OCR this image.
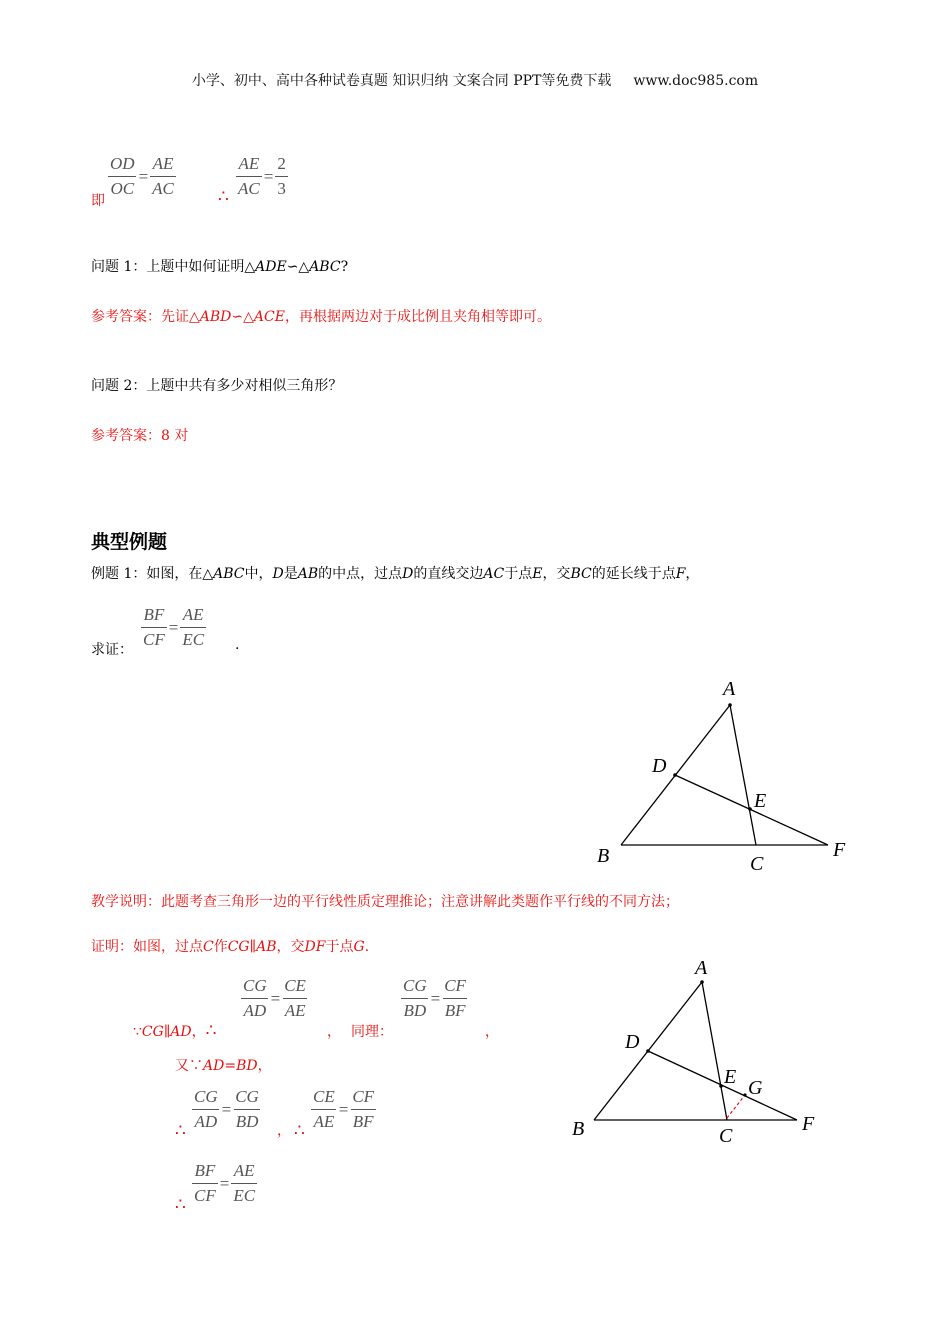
小学、初中、高中各种试卷真题 知识归纳 文案合同 PPT等免费下载 www.doc985.com
即
$\frac{OD}{OC} = \frac{AE}{AC}$ ∴ $\frac{AE}{AC} = \frac{2}{3}$
问题 1：上题中如何证明△ADE∽△ABC?
参考答案：先证△ABD∽△ACE，再根据两边对于成比例且夹角相等即可。
问题 2：上题中共有多少对相似三角形？
参考答案：8 对
典型例题
例题 1：如图，在△ABC中，D是AB的中点，过点D的直线交边AC于点E，交BC的延长线于点F，
求证：
$\frac{BF}{CF} = \frac{AE}{EC}$ .
A
D
E
B	C
F
教学说明：此题考查三角形一边的平行线性质定理推论；注意讲解此类题作平行线的不同方法；
证明：如图，过点C作CG∥AB，交DF于点G.
∵CG∥AD，∴
$\frac{CG}{AD} = \frac{CE}{AE}$
， 同理：
$\frac{CG}{BD} = \frac{CF}{BF}$
，
又∵AD=BD，
∴ $\frac{CG}{AD} = \frac{CG}{BD}$ ， ∴ $\frac{CE}{AE} = \frac{CF}{BF}$
∴ $\frac{BF}{CF} = \frac{AE}{EC}$
A
D
E G
B	C
F
